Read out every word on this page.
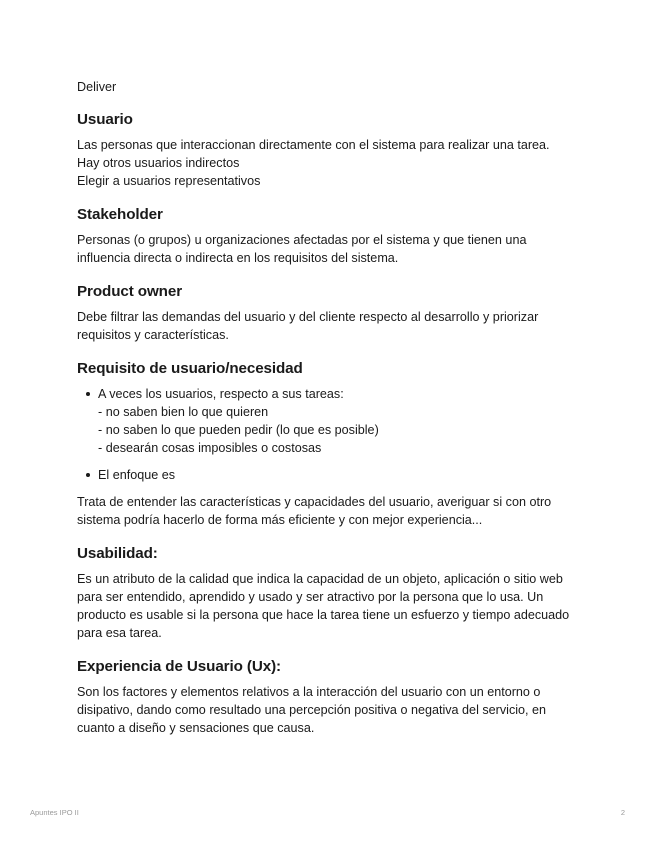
Deliver

Usuario

Las personas que interaccionan directamente con el sistema para realizar una tarea.

Hay otros usuarios indirectos

Elegir a usuarios representativos

Stakeholder

Personas (o grupos) u organizaciones afectadas por el sistema y que tienen una

influencia directa o indirecta en los requisitos del sistema.

Product owner

Debe filtrar las demandas del usuario y del cliente respecto al desarrollo y priorizar

requisitos y características.

Requisito de usuario/necesidad
A veces los usuarios, respecto a sus tareas:
- no saben bien lo que quieren
- no saben lo que pueden pedir (lo que es posible)
- desearán cosas imposibles o costosas
El enfoque es

Trata de entender las características y capacidades del usuario, averiguar si con otro

sistema podría hacerlo de forma más eficiente y con mejor experiencia...

Usabilidad:

Es un atributo de la calidad que indica la capacidad de un objeto, aplicación o sitio web

para ser entendido, aprendido y usado y ser atractivo por la persona que lo usa. Un

producto es usable si la persona que hace la tarea tiene un esfuerzo y tiempo adecuado

para esa tarea.

Experiencia de Usuario (Ux):

Son los factores y elementos relativos a la interacción del usuario con un entorno o

disipativo, dando como resultado una percepción positiva o negativa del servicio, en

cuanto a diseño y sensaciones que causa.

Apuntes IPO II	2
